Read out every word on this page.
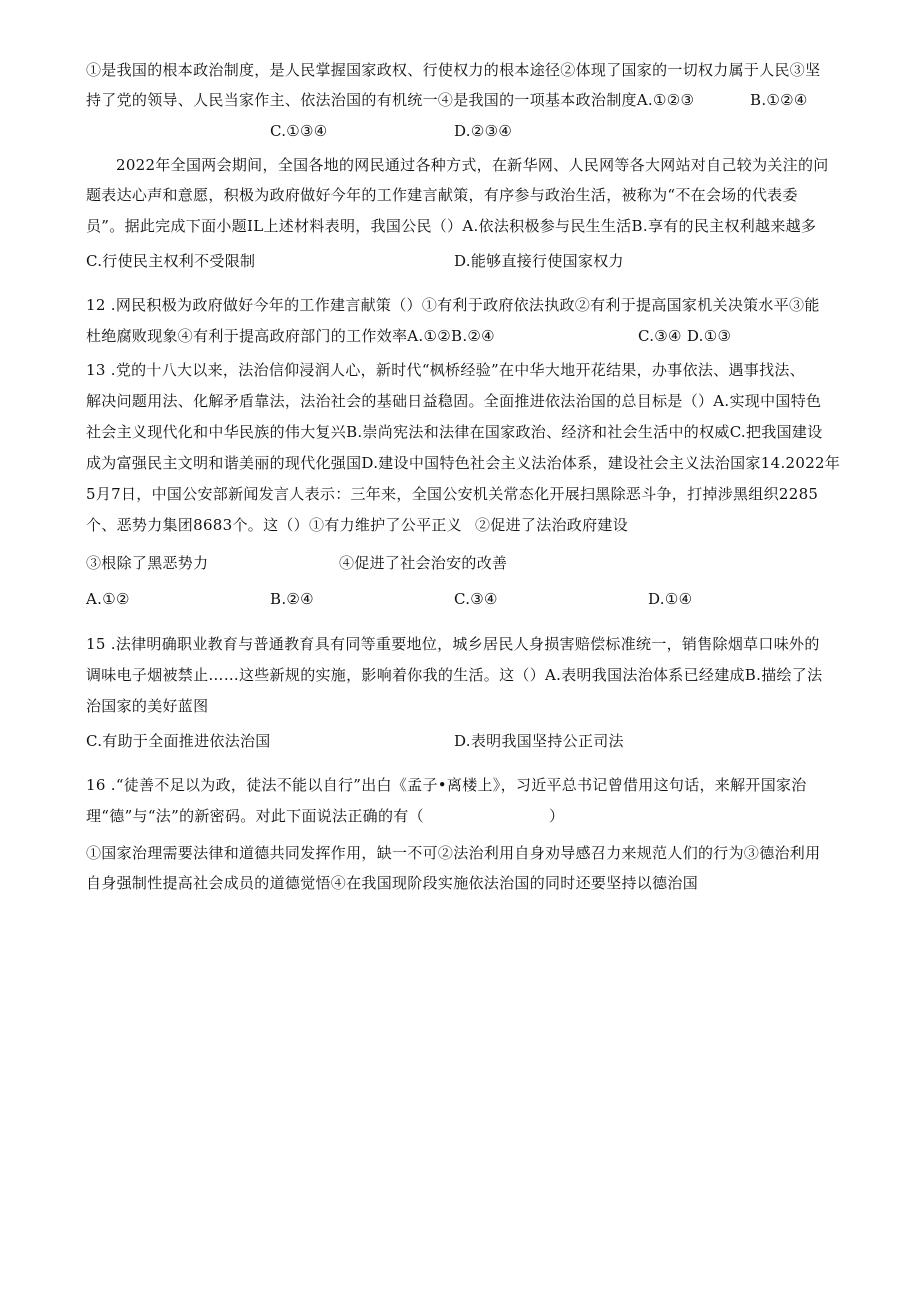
①是我国的根本政治制度，是人民掌握国家政权、行使权力的根本途径②体现了国家的一切权力属于人民③坚
持了党的领导、人民当家作主、依法治国的有机统一④是我国的一项基本政治制度A.①②③	B.①②④
C.①③④	D.②③④
2022年全国两会期间，全国各地的网民通过各种方式，在新华网、人民网等各大网站对自己较为关注的问
题表达心声和意愿，积极为政府做好今年的工作建言献策，有序参与政治生活，被称为“不在会场的代表委
员”。据此完成下面小题IL上述材料表明，我国公民（）A.依法积极参与民生生活B.享有的民主权利越来越多
C.行使民主权利不受限制	D.能够直接行使国家权力
12 .网民积极为政府做好今年的工作建言献策（）①有利于政府依法执政②有利于提高国家机关决策水平③能
杜绝腐败现象④有利于提高政府部门的工作效率A.①②B.②④	C.③④ D.①③
13 .党的十八大以来，法治信仰浸润人心，新时代“枫桥经验”在中华大地开花结果，办事依法、遇事找法、
解决问题用法、化解矛盾靠法，法治社会的基础日益稳固。全面推进依法治国的总目标是（）A.实现中国特色
社会主义现代化和中华民族的伟大复兴B.崇尚宪法和法律在国家政治、经济和社会生活中的权威C.把我国建设
成为富强民主文明和谐美丽的现代化强国D.建设中国特色社会主义法治体系，建设社会主义法治国家14.2022年
5月7日，中国公安部新闻发言人表示：三年来，全国公安机关常态化开展扫黑除恶斗争，打掉涉黑组织2285
个、恶势力集团8683个。这（）①有力维护了公平正义 ②促进了法治政府建设
③根除了黑恶势力	④促进了社会治安的改善
A.①②	B.②④	C.③④	D.①④
15 .法律明确职业教育与普通教育具有同等重要地位，城乡居民人身损害赔偿标准统一，销售除烟草口味外的
调味电子烟被禁止……这些新规的实施，影响着你我的生活。这（）A.表明我国法治体系已经建成B.描绘了法
治国家的美好蓝图
C.有助于全面推进依法治国	D.表明我国坚持公正司法
16 .“徒善不足以为政，徒法不能以自行”出白《孟子•离楼上》，习近平总书记曾借用这句话，来解开国家治
理“德”与“法”的新密码。对此下面说法正确的有（	）
①国家治理需要法律和道德共同发挥作用，缺一不可②法治利用自身劝导感召力来规范人们的行为③德治利用
自身强制性提高社会成员的道德觉悟④在我国现阶段实施依法治国的同时还要坚持以德治国
